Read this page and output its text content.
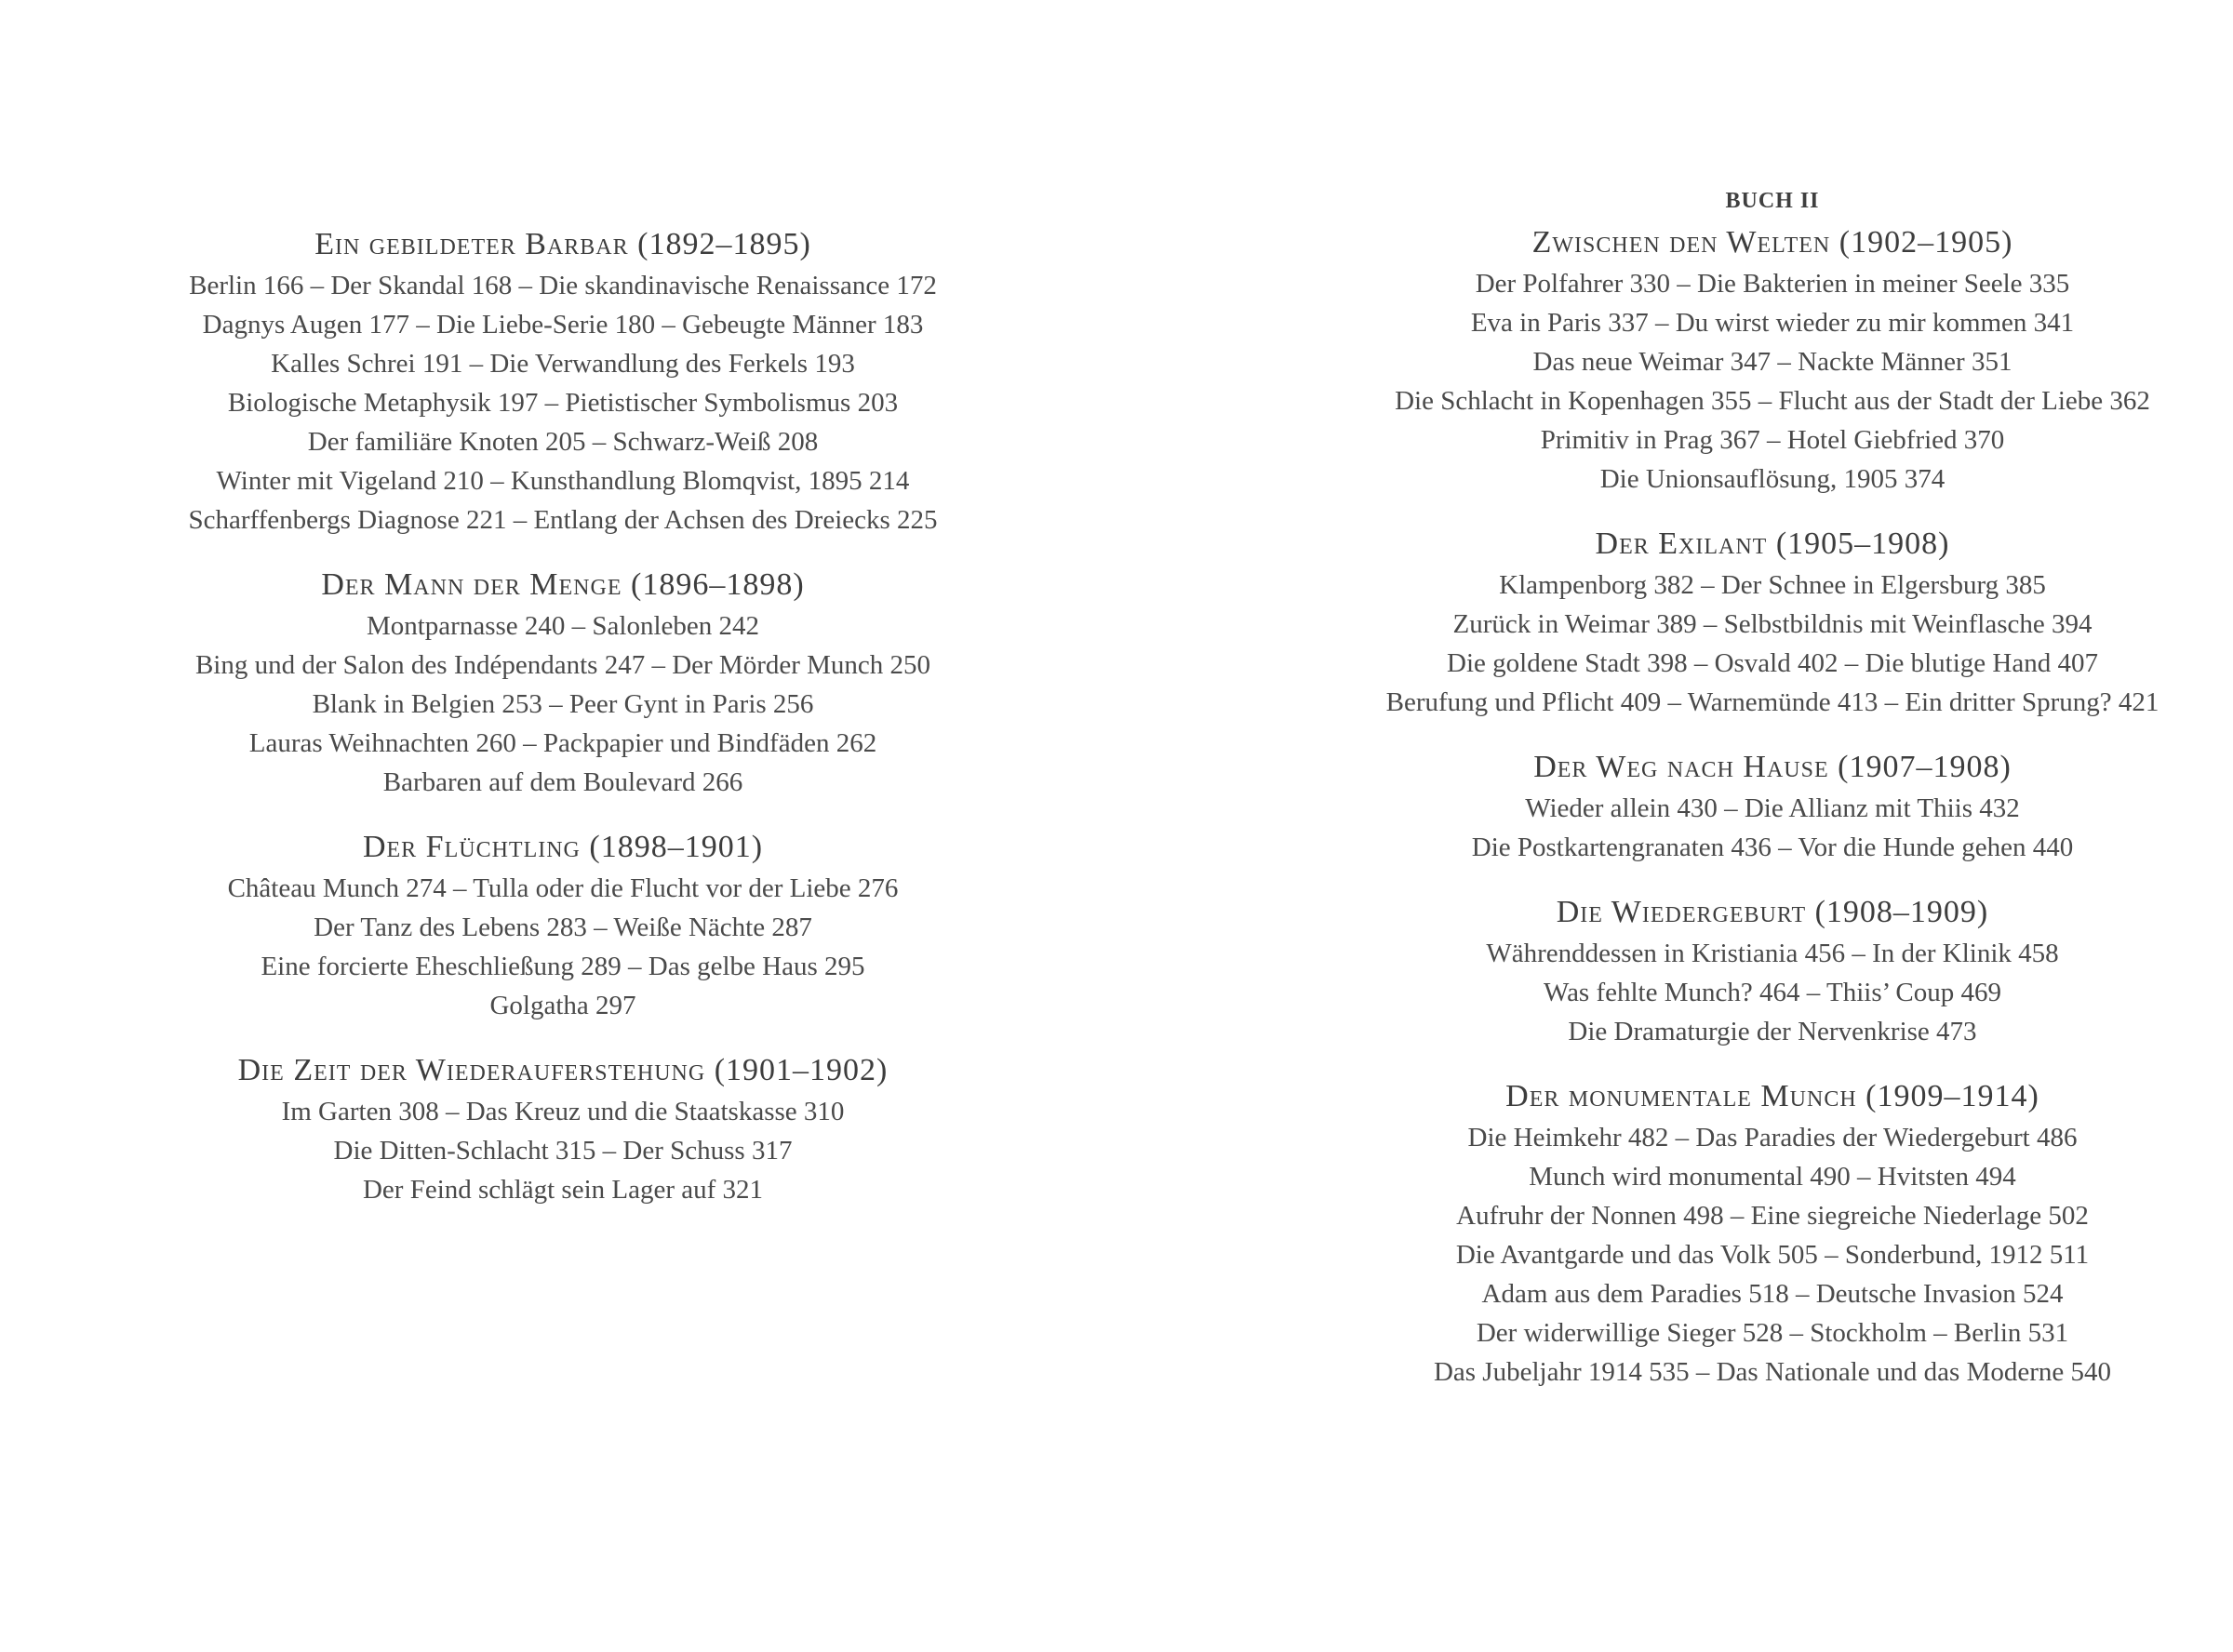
Ein gebildeter Barbar (1892–1895)
Berlin 166 – Der Skandal 168 – Die skandinavische Renaissance 172
Dagnys Augen 177 – Die Liebe-Serie 180 – Gebeugte Männer 183
Kalles Schrei 191 – Die Verwandlung des Ferkels 193
Biologische Metaphysik 197 – Pietistischer Symbolismus 203
Der familiäre Knoten 205 – Schwarz-Weiß 208
Winter mit Vigeland 210 – Kunsthandlung Blomqvist, 1895 214
Scharffenbergs Diagnose 221 – Entlang der Achsen des Dreiecks 225
Der Mann der Menge (1896–1898)
Montparnasse 240 – Salonleben 242
Bing und der Salon des Indépendants 247 – Der Mörder Munch 250
Blank in Belgien 253 – Peer Gynt in Paris 256
Lauras Weihnachten 260 – Packpapier und Bindfäden 262
Barbaren auf dem Boulevard 266
Der Flüchtling (1898–1901)
Château Munch 274 – Tulla oder die Flucht vor der Liebe 276
Der Tanz des Lebens 283 – Weiße Nächte 287
Eine forcierte Eheschließung 289 – Das gelbe Haus 295
Golgatha 297
Die Zeit der Wiederauferstehung (1901–1902)
Im Garten 308 – Das Kreuz und die Staatskasse 310
Die Ditten-Schlacht 315 – Der Schuss 317
Der Feind schlägt sein Lager auf 321
BUCH II
Zwischen den Welten (1902–1905)
Der Polfahrer 330 – Die Bakterien in meiner Seele 335
Eva in Paris 337 – Du wirst wieder zu mir kommen 341
Das neue Weimar 347 – Nackte Männer 351
Die Schlacht in Kopenhagen 355 – Flucht aus der Stadt der Liebe 362
Primitiv in Prag 367 – Hotel Giebfried 370
Die Unionsauflösung, 1905 374
Der Exilant (1905–1908)
Klampenborg 382 – Der Schnee in Elgersburg 385
Zurück in Weimar 389 – Selbstbildnis mit Weinflasche 394
Die goldene Stadt 398 – Osvald 402 – Die blutige Hand 407
Berufung und Pflicht 409 – Warnemünde 413 – Ein dritter Sprung? 421
Der Weg nach Hause (1907–1908)
Wieder allein 430 – Die Allianz mit Thiis 432
Die Postkartengranaten 436 – Vor die Hunde gehen 440
Die Wiedergeburt (1908–1909)
Währenddessen in Kristiania 456 – In der Klinik 458
Was fehlte Munch? 464 – Thiis’ Coup 469
Die Dramaturgie der Nervenkrise 473
Der monumentale Munch (1909–1914)
Die Heimkehr 482 – Das Paradies der Wiedergeburt 486
Munch wird monumental 490 – Hvitsten 494
Aufruhr der Nonnen 498 – Eine siegreiche Niederlage 502
Die Avantgarde und das Volk 505 – Sonderbund, 1912 511
Adam aus dem Paradies 518 – Deutsche Invasion 524
Der widerwillige Sieger 528 – Stockholm – Berlin 531
Das Jubeljahr 1914 535 – Das Nationale und das Moderne 540
